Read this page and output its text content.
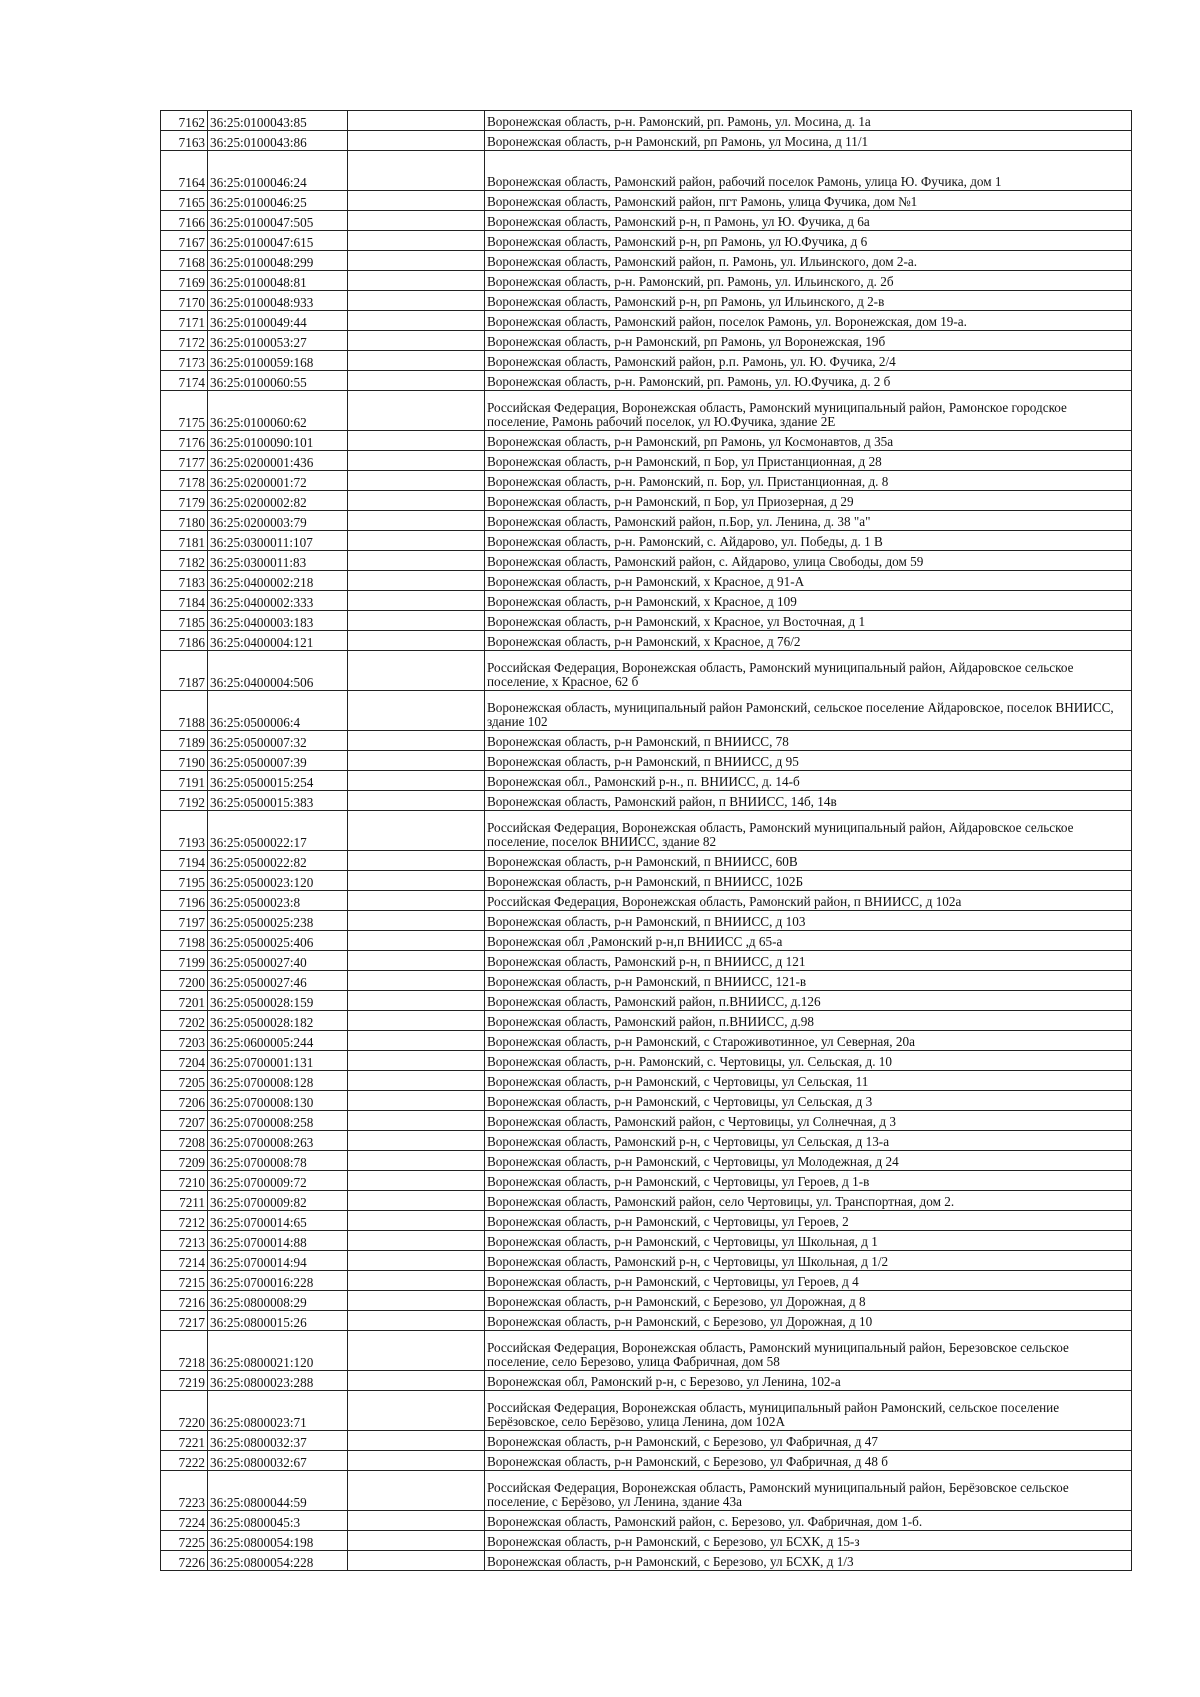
7162	36:25:0100043:85		Воронежская область, р-н. Рамонский, рп. Рамонь, ул. Мосина, д. 1а
7163	36:25:0100043:86		Воронежская область, р-н Рамонский, рп Рамонь, ул Мосина, д 11/1
7164	36:25:0100046:24		Воронежская область, Рамонский район, рабочий поселок Рамонь, улица Ю. Фучика, дом 1
7165	36:25:0100046:25		Воронежская область, Рамонский район, пгт Рамонь, улица Фучика, дом №1
7166	36:25:0100047:505		Воронежская область, Рамонский р-н, п Рамонь, ул Ю. Фучика, д 6а
7167	36:25:0100047:615		Воронежская область, Рамонский р-н, рп Рамонь, ул Ю.Фучика, д 6
7168	36:25:0100048:299		Воронежская область, Рамонский район, п. Рамонь, ул. Ильинского, дом 2-а.
7169	36:25:0100048:81		Воронежская область, р-н. Рамонский, рп. Рамонь, ул. Ильинского, д. 2б
7170	36:25:0100048:933		Воронежская область, Рамонский р-н, рп Рамонь, ул Ильинского, д 2-в
7171	36:25:0100049:44		Воронежская область, Рамонский район, поселок Рамонь, ул. Воронежская, дом 19-а.
7172	36:25:0100053:27		Воронежская область, р-н Рамонский, рп Рамонь, ул Воронежская, 19б
7173	36:25:0100059:168		Воронежская область, Рамонский район, р.п. Рамонь, ул. Ю. Фучика, 2/4
7174	36:25:0100060:55		Воронежская область, р-н. Рамонский, рп. Рамонь, ул. Ю.Фучика, д. 2 б
7175	36:25:0100060:62		Российская Федерация, Воронежская область, Рамонский муниципальный район, Рамонское городское поселение, Рамонь рабочий поселок, ул Ю.Фучика, здание 2Е
7176	36:25:0100090:101		Воронежская область, р-н Рамонский, рп Рамонь, ул Космонавтов, д 35а
7177	36:25:0200001:436		Воронежская область, р-н Рамонский, п Бор, ул Пристанционная, д 28
7178	36:25:0200001:72		Воронежская область, р-н. Рамонский, п. Бор, ул. Пристанционная, д. 8
7179	36:25:0200002:82		Воронежская область, р-н Рамонский, п Бор, ул Приозерная, д 29
7180	36:25:0200003:79		Воронежская область, Рамонский район, п.Бор, ул. Ленина, д. 38 "а"
7181	36:25:0300011:107		Воронежская область, р-н. Рамонский, с. Айдарово, ул. Победы, д. 1 В
7182	36:25:0300011:83		Воронежская область, Рамонский район, с. Айдарово, улица Свободы, дом 59
7183	36:25:0400002:218		Воронежская область, р-н Рамонский, х Красное, д 91-А
7184	36:25:0400002:333		Воронежская область, р-н Рамонский, х Красное, д 109
7185	36:25:0400003:183		Воронежская область, р-н Рамонский, х Красное, ул Восточная, д 1
7186	36:25:0400004:121		Воронежская область, р-н Рамонский, х Красное, д 76/2
7187	36:25:0400004:506		Российская Федерация, Воронежская область, Рамонский муниципальный район, Айдаровское сельское поселение, х Красное, 62 б
7188	36:25:0500006:4		Воронежская область, муниципальный район Рамонский, сельское поселение Айдаровское, поселок ВНИИСС, здание 102
7189	36:25:0500007:32		Воронежская область, р-н Рамонский, п ВНИИСС, 78
7190	36:25:0500007:39		Воронежская область, р-н Рамонский, п ВНИИСС, д 95
7191	36:25:0500015:254		Воронежская обл., Рамонский р-н., п. ВНИИСС, д. 14-б
7192	36:25:0500015:383		Воронежская область, Рамонский район, п ВНИИСС, 14б, 14в
7193	36:25:0500022:17		Российская Федерация, Воронежская область, Рамонский муниципальный район, Айдаровское сельское поселение, поселок ВНИИСС, здание 82
7194	36:25:0500022:82		Воронежская область, р-н Рамонский, п ВНИИСС, 60В
7195	36:25:0500023:120		Воронежская область, р-н Рамонский, п ВНИИСС, 102Б
7196	36:25:0500023:8		Российская Федерация, Воронежская область, Рамонский район, п ВНИИСС, д 102а
7197	36:25:0500025:238		Воронежская область, р-н Рамонский, п ВНИИСС, д 103
7198	36:25:0500025:406		Воронежская обл ,Рамонский р-н,п ВНИИСС ,д 65-а
7199	36:25:0500027:40		Воронежская область, Рамонский р-н, п ВНИИСС, д 121
7200	36:25:0500027:46		Воронежская область, р-н Рамонский, п ВНИИСС, 121-в
7201	36:25:0500028:159		Воронежская область, Рамонский район, п.ВНИИСС, д.126
7202	36:25:0500028:182		Воронежская область, Рамонский район, п.ВНИИСС, д.98
7203	36:25:0600005:244		Воронежская область, р-н Рамонский, с Староживотинное, ул Северная, 20а
7204	36:25:0700001:131		Воронежская область, р-н. Рамонский, с. Чертовицы, ул. Сельская, д. 10
7205	36:25:0700008:128		Воронежская область, р-н Рамонский, с Чертовицы, ул Сельская, 11
7206	36:25:0700008:130		Воронежская область, р-н Рамонский, с Чертовицы, ул Сельская, д 3
7207	36:25:0700008:258		Воронежская область, Рамонский район, с Чертовицы, ул Солнечная, д 3
7208	36:25:0700008:263		Воронежская область, Рамонский р-н, с Чертовицы, ул Сельская, д 13-а
7209	36:25:0700008:78		Воронежская область, р-н Рамонский, с Чертовицы, ул Молодежная, д 24
7210	36:25:0700009:72		Воронежская область, р-н Рамонский, с Чертовицы, ул Героев, д 1-в
7211	36:25:0700009:82		Воронежская область, Рамонский район, село Чертовицы, ул. Транспортная, дом 2.
7212	36:25:0700014:65		Воронежская область, р-н Рамонский, с Чертовицы, ул Героев, 2
7213	36:25:0700014:88		Воронежская область, р-н Рамонский, с Чертовицы, ул Школьная, д 1
7214	36:25:0700014:94		Воронежская область, Рамонский р-н, с Чертовицы, ул Школьная, д 1/2
7215	36:25:0700016:228		Воронежская область, р-н Рамонский, с Чертовицы, ул Героев, д 4
7216	36:25:0800008:29		Воронежская область, р-н Рамонский, с Березово, ул Дорожная, д 8
7217	36:25:0800015:26		Воронежская область, р-н Рамонский, с Березово, ул Дорожная, д 10
7218	36:25:0800021:120		Российская Федерация, Воронежская область, Рамонский муниципальный район, Березовское сельское поселение, село Березово, улица Фабричная, дом 58
7219	36:25:0800023:288		Воронежская обл, Рамонский р-н, с Березово, ул Ленина, 102-а
7220	36:25:0800023:71		Российская Федерация, Воронежская область, муниципальный район Рамонский, сельское поселение Берёзовское, село Берёзово, улица Ленина, дом 102А
7221	36:25:0800032:37		Воронежская область, р-н Рамонский, с Березово, ул Фабричная, д 47
7222	36:25:0800032:67		Воронежская область, р-н Рамонский, с Березово, ул Фабричная, д 48 б
7223	36:25:0800044:59		Российская Федерация, Воронежская область, Рамонский муниципальный район, Берёзовское сельское поселение, с Берёзово, ул Ленина, здание 43а
7224	36:25:0800045:3		Воронежская область, Рамонский район, с. Березово, ул. Фабричная, дом 1-б.
7225	36:25:0800054:198		Воронежская область, р-н Рамонский, с Березово, ул БСХК, д 15-з
7226	36:25:0800054:228		Воронежская область, р-н Рамонский, с Березово, ул БСХК, д 1/3
